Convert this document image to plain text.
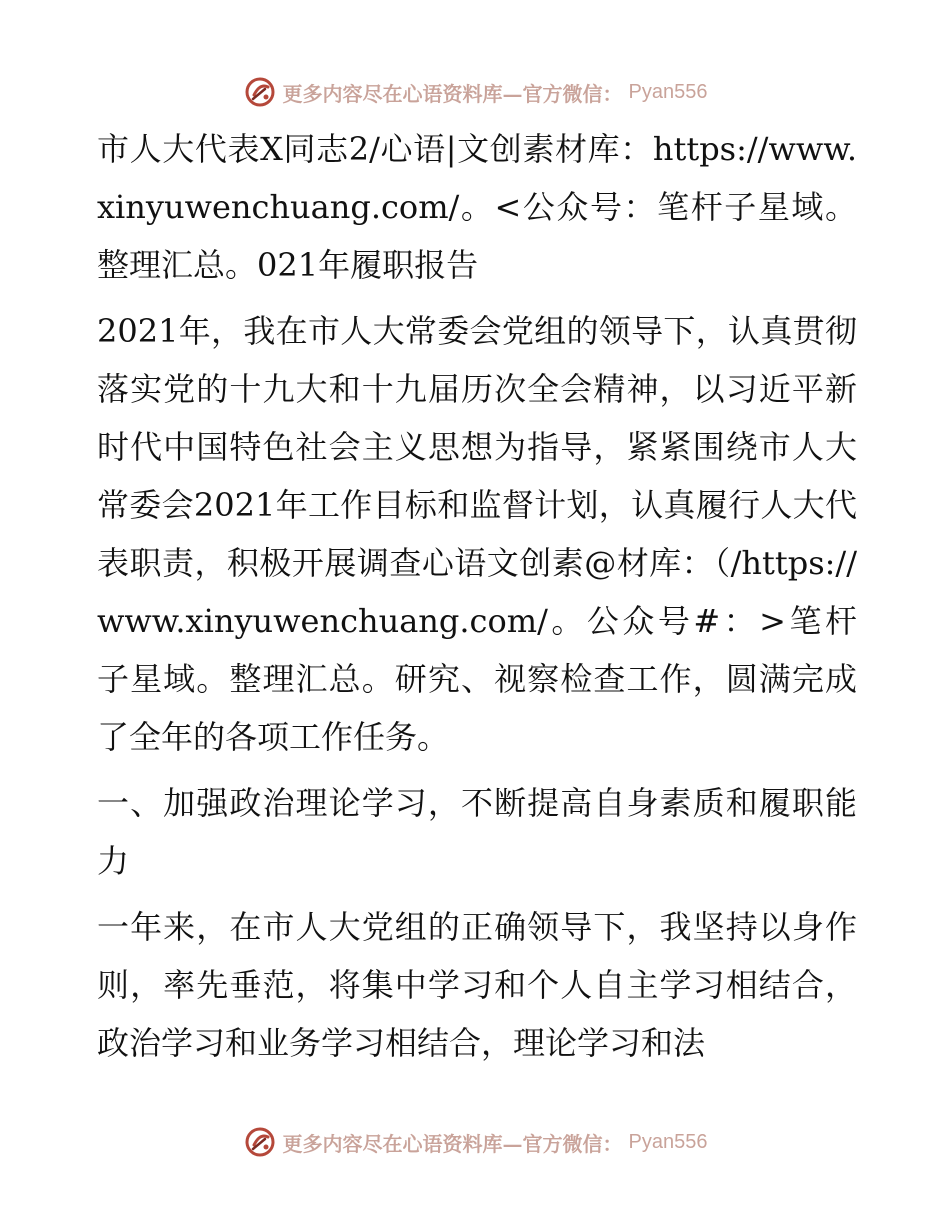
更多内容尽在心语资料库—官方微信： Pyan556

市人大代表X同志2/心语|文创素材库：https://www.xinyuwenchuang.com/。<公众号：笔杆子星域。整理汇总。021年履职报告

2021年，我在市人大常委会党组的领导下，认真贯彻落实党的十九大和十九届历次全会精神，以习近平新时代中国特色社会主义思想为指导，紧紧围绕市人大常委会2021年工作目标和监督计划，认真履行人大代表职责，积极开展调查心语文创素@材库：（/https://www.xinyuwenchuang.com/。公众号#：>笔杆子星域。整理汇总。研究、视察检查工作，圆满完成了全年的各项工作任务。

一、加强政治理论学习，不断提高自身素质和履职能力

一年来，在市人大党组的正确领导下，我坚持以身作则，率先垂范，将集中学习和个人自主学习相结合，政治学习和业务学习相结合，理论学习和法

更多内容尽在心语资料库—官方微信： Pyan556
